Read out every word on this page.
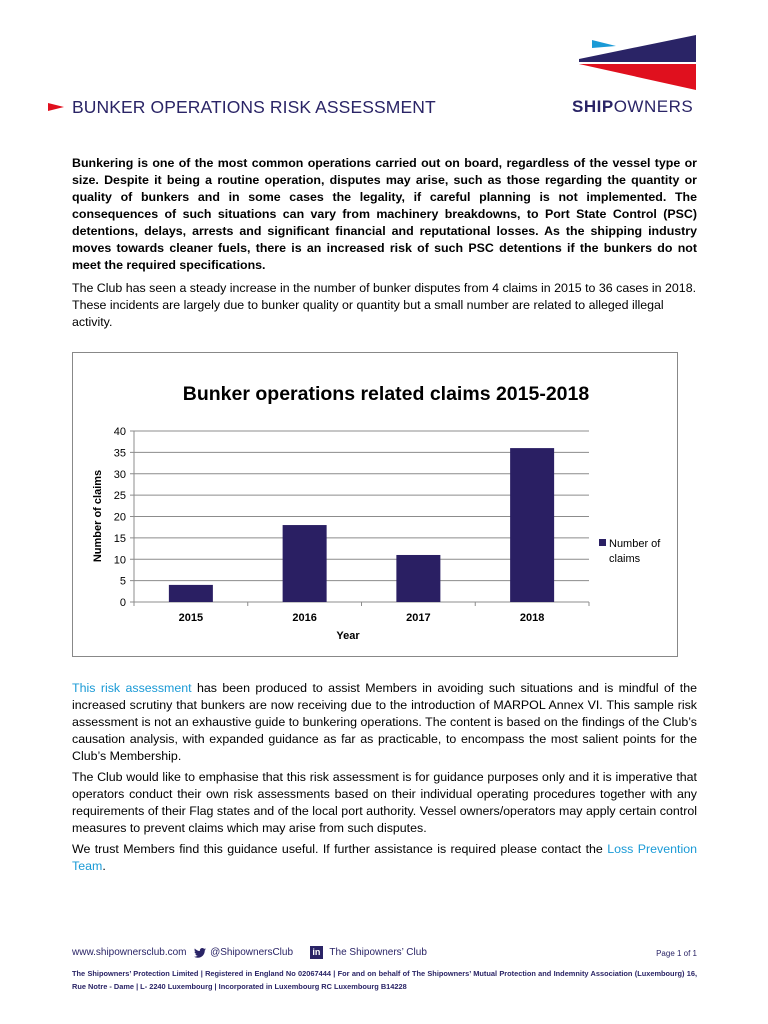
BUNKER OPERATIONS RISK ASSESSMENT	SHIPOWNERS
Bunkering is one of the most common operations carried out on board, regardless of the vessel type or size. Despite it being a routine operation, disputes may arise, such as those regarding the quantity or quality of bunkers and in some cases the legality, if careful planning is not implemented. The consequences of such situations can vary from machinery breakdowns, to Port State Control (PSC) detentions, delays, arrests and significant financial and reputational losses. As the shipping industry moves towards cleaner fuels, there is an increased risk of such PSC detentions if the bunkers do not meet the required specifications.
The Club has seen a steady increase in the number of bunker disputes from 4 claims in 2015 to 36 cases in 2018. These incidents are largely due to bunker quality or quantity but a small number are related to alleged illegal activity.
Bunker operations related claims 2015-2018
2015	2016	2017	2018
0
5
10
15
20
25
30
35
40
Year
Number of claims	Number of
claims
This risk assessment has been produced to assist Members in avoiding such situations and is mindful of the increased scrutiny that bunkers are now receiving due to the introduction of MARPOL Annex VI. This sample risk assessment is not an exhaustive guide to bunkering operations. The content is based on the findings of the Club’s causation analysis, with expanded guidance as far as practicable, to encompass the most salient points for the Club’s Membership.
The Club would like to emphasise that this risk assessment is for guidance purposes only and it is imperative that operators conduct their own risk assessments based on their individual operating procedures together with any requirements of their Flag states and of the local port authority. Vessel owners/operators may apply certain control measures to prevent claims which may arise from such disputes.
We trust Members find this guidance useful. If further assistance is required please contact the Loss Prevention Team.
www.shipownersclub.com @ShipownersClub in The Shipowners’ Club	Page 1 of 1
The Shipowners’ Protection Limited | Registered in England No 02067444 | For and on behalf of The Shipowners’ Mutual Protection and Indemnity Association (Luxembourg) 16, Rue Notre - Dame | L- 2240 Luxembourg | Incorporated in Luxembourg RC Luxembourg B14228
